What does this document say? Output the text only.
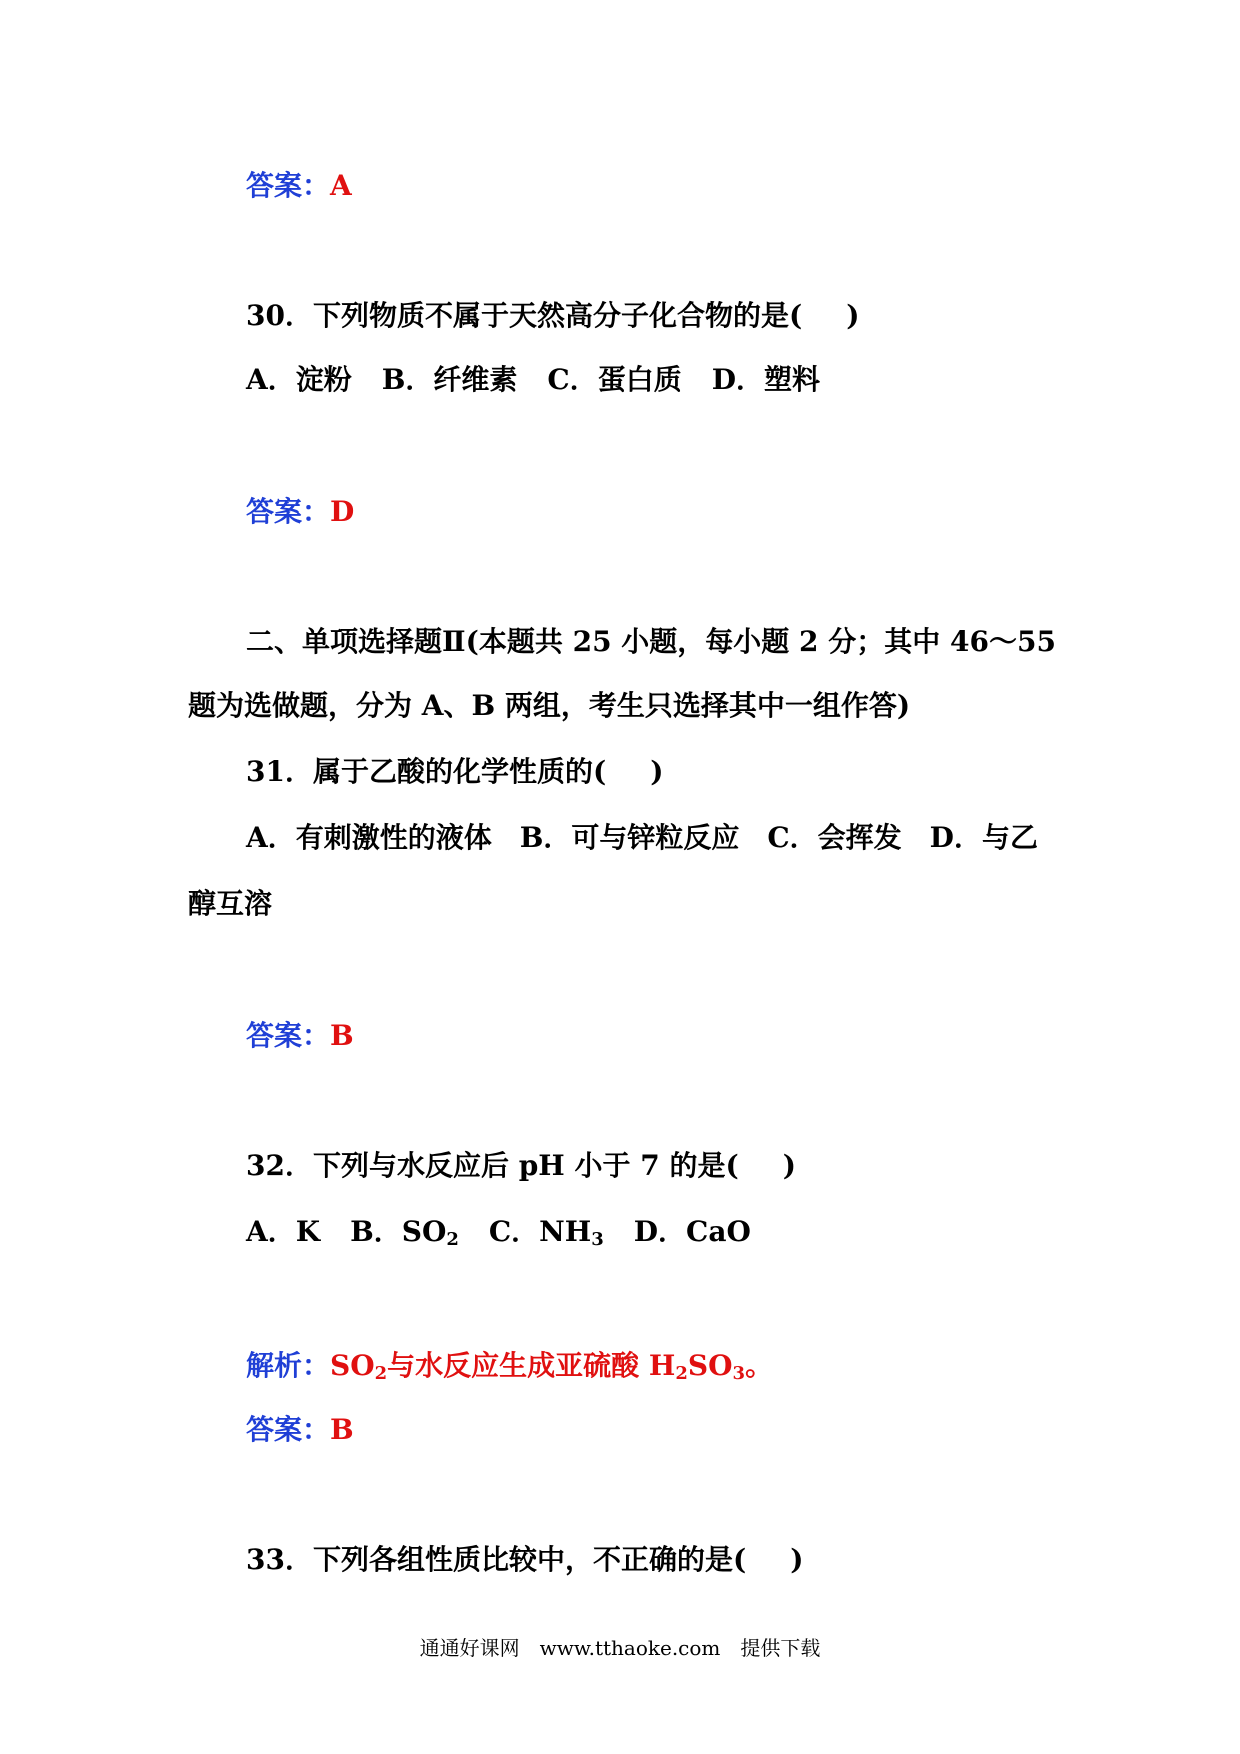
答案：A
30．下列物质不属于天然高分子化合物的是( )
A．淀粉 B．纤维素 C．蛋白质 D．塑料
答案：D
二、单项选择题Ⅱ(本题共 25 小题，每小题 2 分；其中 46～55
题为选做题，分为 A、B 两组，考生只选择其中一组作答)
31．属于乙酸的化学性质的( )
A．有刺激性的液体　B．可与锌粒反应　C．会挥发　D．与乙
醇互溶
答案：B
32．下列与水反应后 pH 小于 7 的是( )
A．K B．$SO_2$ C．$NH_3$ D．CaO
解析：$SO_2$与水反应生成亚硫酸 $H_2SO_3$。
答案：B
33．下列各组性质比较中，不正确的是( )
通通好课网　www.tthaoke.com　提供下载
